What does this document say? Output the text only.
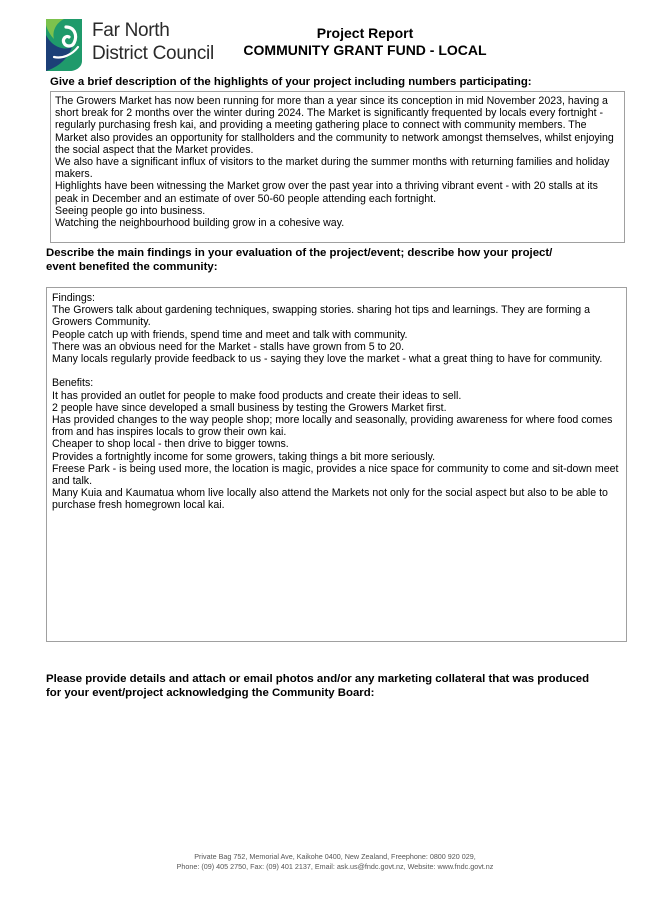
Far North
District Council
Project Report
COMMUNITY GRANT FUND - LOCAL
Give a brief description of the highlights of your project including numbers participating:

The Growers Market has now been running for more than a year since its conception in mid November 2023, having a short break for 2 months over the winter during 2024. The Market is significantly frequented by locals every fortnight - regularly purchasing fresh kai, and providing a meeting gathering place to connect with community members. The Market also provides an opportunity for stallholders and the community to network amongst themselves, whilst enjoying the social aspect that the Market provides.

We also have a significant influx of visitors to the market during the summer months with returning families and holiday makers.

Highlights have been witnessing the Market grow over the past year into a thriving vibrant event - with 20 stalls at its peak in December and an estimate of over 50-60 people attending each fortnight.

Seeing people go into business.

Watching the neighbourhood building grow in a cohesive way.

Describe the main findings in your evaluation of the project/event; describe how your project/
event benefited the community:

Findings:

The Growers talk about gardening techniques, swapping stories. sharing hot tips and learnings. They are forming a Growers Community.

People catch up with friends, spend time and meet and talk with community.

There was an obvious need for the Market - stalls have grown from 5 to 20.

Many locals regularly provide feedback to us - saying they love the market - what a great thing to have for community.

Benefits:

It has provided an outlet for people to make food products and create their ideas to sell.

2 people have since developed a small business by testing the Growers Market first.

Has provided changes to the way people shop; more locally and seasonally, providing awareness for where food comes from and has inspires locals to grow their own kai.

Cheaper to shop local - then drive to bigger towns.

Provides a fortnightly income for some growers, taking things a bit more seriously.

Freese Park - is being used more, the location is magic, provides a nice space for community to come and sit-down meet and talk.

Many Kuia and Kaumatua whom live locally also attend the Markets not only for the social aspect but also to be able to purchase fresh homegrown local kai.

Please provide details and attach or email photos and/or any marketing collateral that was produced
for your event/project acknowledging the Community Board:
Private Bag 752, Memorial Ave, Kaikohe 0400, New Zealand, Freephone: 0800 920 029,
Phone: (09) 405 2750, Fax: (09) 401 2137, Email: ask.us@fndc.govt.nz, Website: www.fndc.govt.nz
